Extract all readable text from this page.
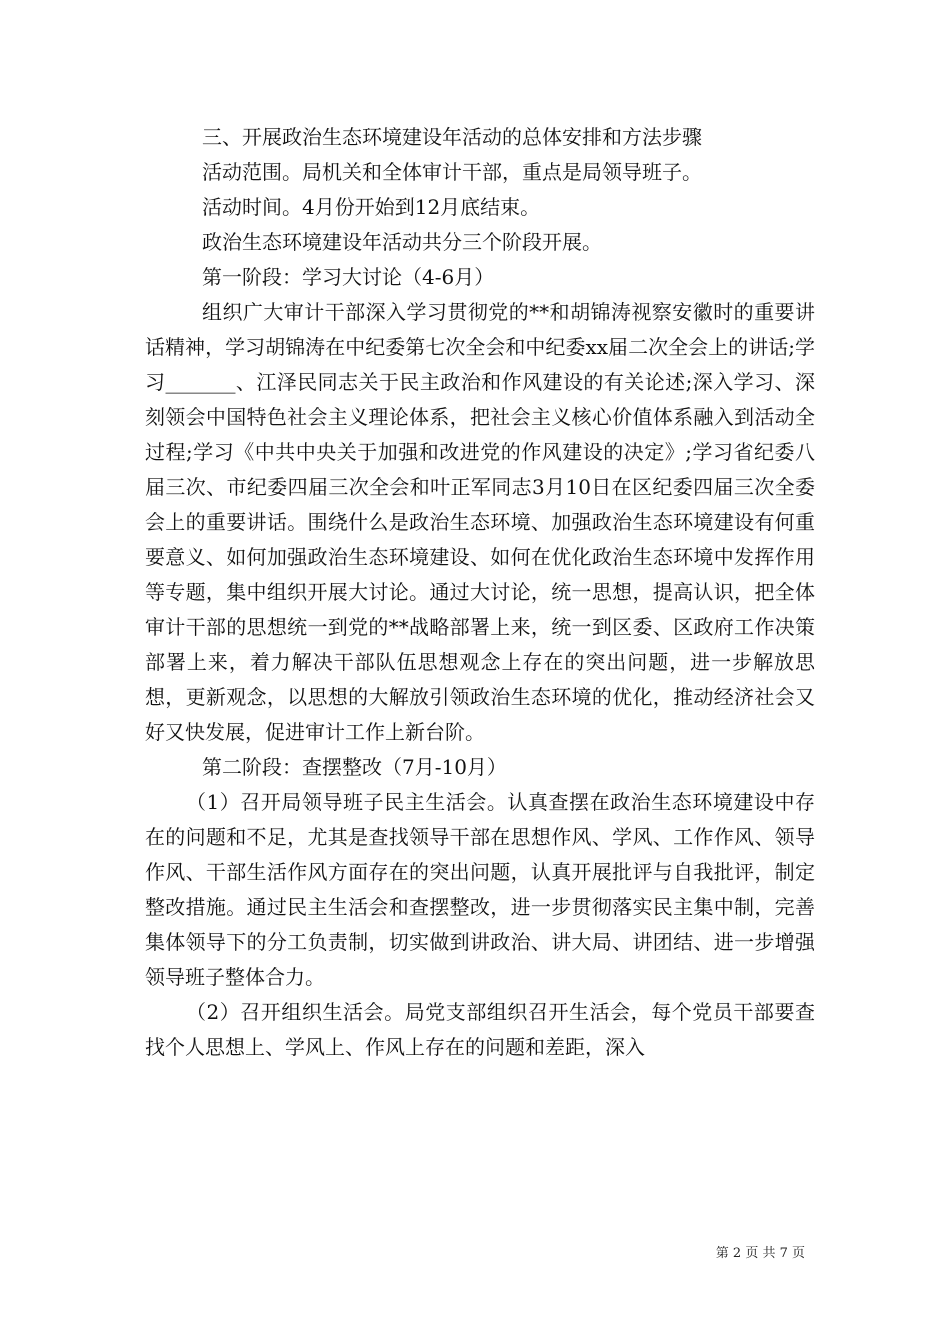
三、开展政治生态环境建设年活动的总体安排和方法步骤

活动范围。局机关和全体审计干部，重点是局领导班子。

活动时间。4月份开始到12月底结束。

政治生态环境建设年活动共分三个阶段开展。

第一阶段：学习大讨论（4-6月）

组织广大审计干部深入学习贯彻党的**和胡锦涛视察安徽时的重要讲话精神，学习胡锦涛在中纪委第七次全会和中纪委xx届二次全会上的讲话;学习_______、江泽民同志关于民主政治和作风建设的有关论述;深入学习、深刻领会中国特色社会主义理论体系，把社会主义核心价值体系融入到活动全过程;学习《中共中央关于加强和改进党的作风建设的决定》;学习省纪委八届三次、市纪委四届三次全会和叶正军同志3月10日在区纪委四届三次全委会上的重要讲话。围绕什么是政治生态环境、加强政治生态环境建设有何重要意义、如何加强政治生态环境建设、如何在优化政治生态环境中发挥作用等专题，集中组织开展大讨论。通过大讨论，统一思想，提高认识，把全体审计干部的思想统一到党的**战略部署上来，统一到区委、区政府工作决策部署上来，着力解决干部队伍思想观念上存在的突出问题，进一步解放思想，更新观念，以思想的大解放引领政治生态环境的优化，推动经济社会又好又快发展，促进审计工作上新台阶。

第二阶段：查摆整改（7月-10月）

（1）召开局领导班子民主生活会。认真查摆在政治生态环境建设中存在的问题和不足，尤其是查找领导干部在思想作风、学风、工作作风、领导作风、干部生活作风方面存在的突出问题，认真开展批评与自我批评，制定整改措施。通过民主生活会和查摆整改，进一步贯彻落实民主集中制，完善集体领导下的分工负责制，切实做到讲政治、讲大局、讲团结、进一步增强领导班子整体合力。

（2）召开组织生活会。局党支部组织召开生活会，每个党员干部要查找个人思想上、学风上、作风上存在的问题和差距，深入

第 2 页 共 7 页
